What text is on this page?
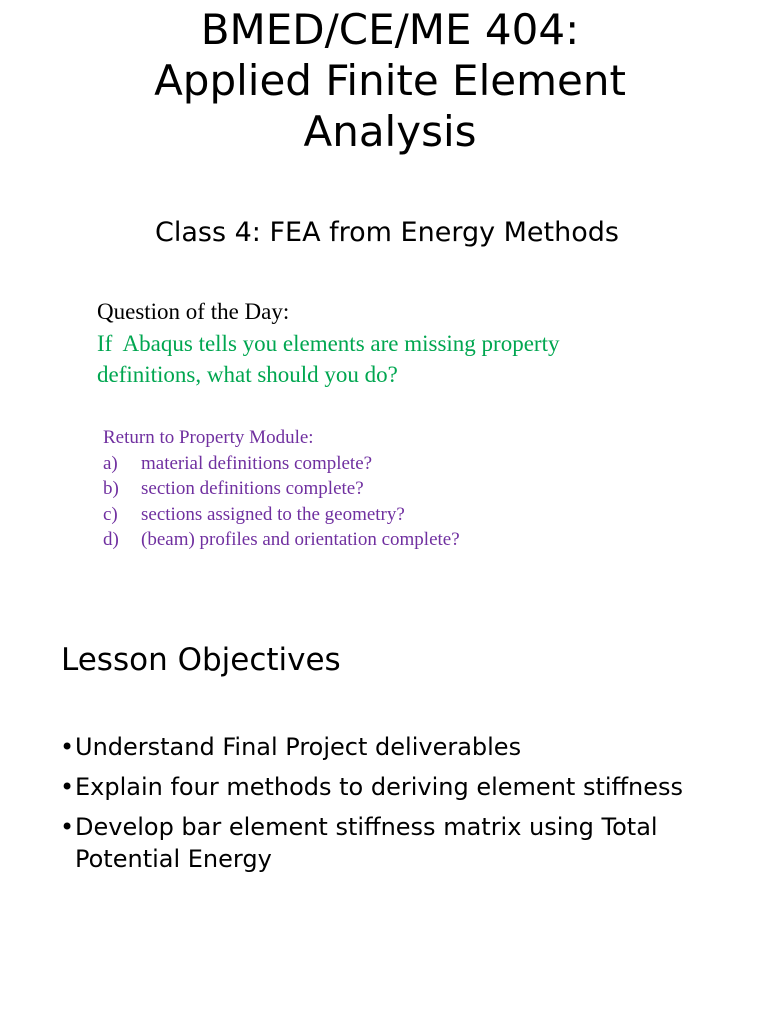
BMED/CE/ME 404:
Applied Finite Element
Analysis
Class 4: FEA from Energy Methods
Question of the Day:
If  Abaqus tells you elements are missing property definitions, what should you do?
Return to Property Module:
a)	material definitions complete?
b)	section definitions complete?
c)	sections assigned to the geometry?
d)	(beam) profiles and orientation complete?
Lesson Objectives
• Understand Final Project deliverables
• Explain four methods to deriving element stiffness
• Develop bar element stiffness matrix using Total Potential Energy
